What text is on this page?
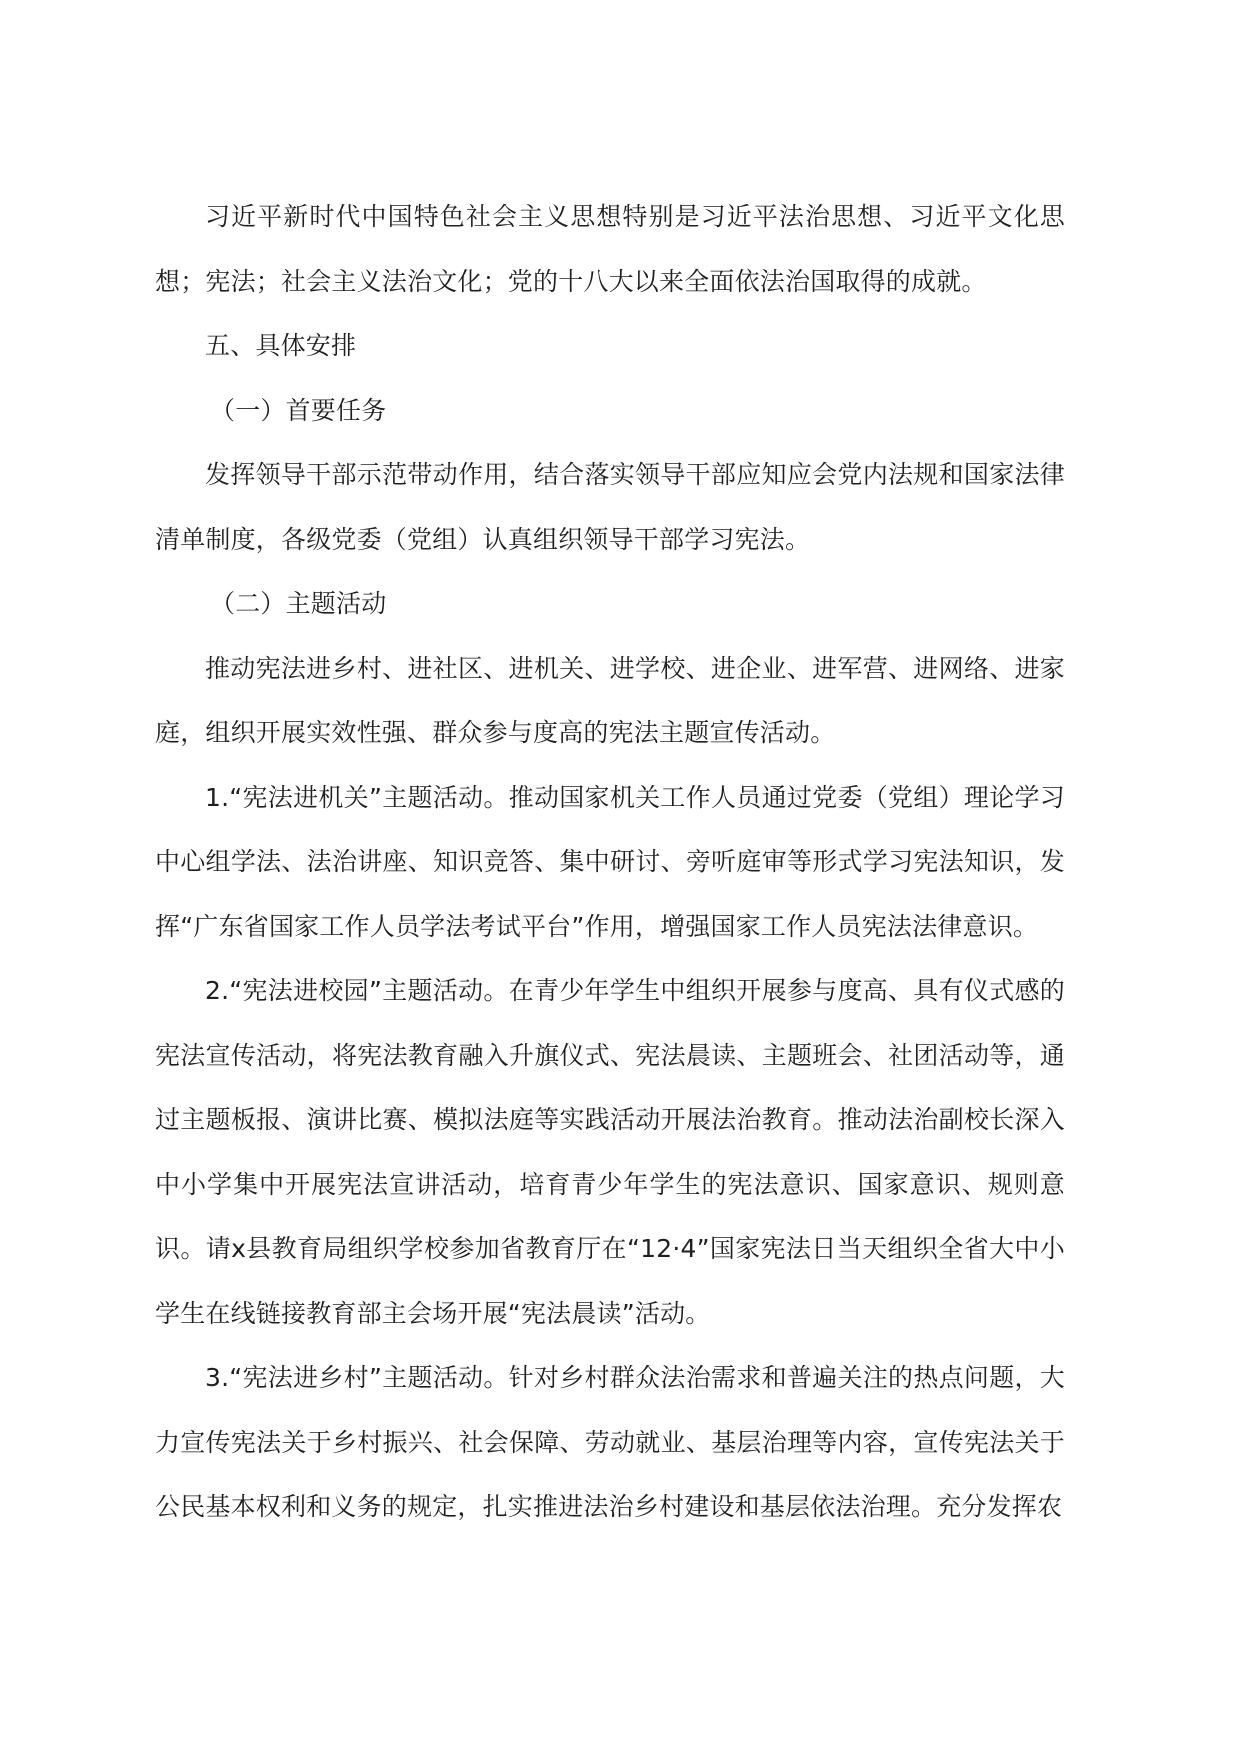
习近平新时代中国特色社会主义思想特别是习近平法治思想、习近平文化思想；宪法；社会主义法治文化；党的十八大以来全面依法治国取得的成就。

五、具体安排

（一）首要任务

发挥领导干部示范带动作用，结合落实领导干部应知应会党内法规和国家法律清单制度，各级党委（党组）认真组织领导干部学习宪法。

（二）主题活动

推动宪法进乡村、进社区、进机关、进学校、进企业、进军营、进网络、进家庭，组织开展实效性强、群众参与度高的宪法主题宣传活动。

1.“宪法进机关”主题活动。推动国家机关工作人员通过党委（党组）理论学习中心组学法、法治讲座、知识竞答、集中研讨、旁听庭审等形式学习宪法知识，发挥“广东省国家工作人员学法考试平台”作用，增强国家工作人员宪法法律意识。

2.“宪法进校园”主题活动。在青少年学生中组织开展参与度高、具有仪式感的宪法宣传活动，将宪法教育融入升旗仪式、宪法晨读、主题班会、社团活动等，通过主题板报、演讲比赛、模拟法庭等实践活动开展法治教育。推动法治副校长深入中小学集中开展宪法宣讲活动，培育青少年学生的宪法意识、国家意识、规则意识。请x县教育局组织学校参加省教育厅在“12·4”国家宪法日当天组织全省大中小学生在线链接教育部主会场开展“宪法晨读”活动。

3.“宪法进乡村”主题活动。针对乡村群众法治需求和普遍关注的热点问题，大力宣传宪法关于乡村振兴、社会保障、劳动就业、基层治理等内容，宣传宪法关于公民基本权利和义务的规定，扎实推进法治乡村建设和基层依法治理。充分发挥农
